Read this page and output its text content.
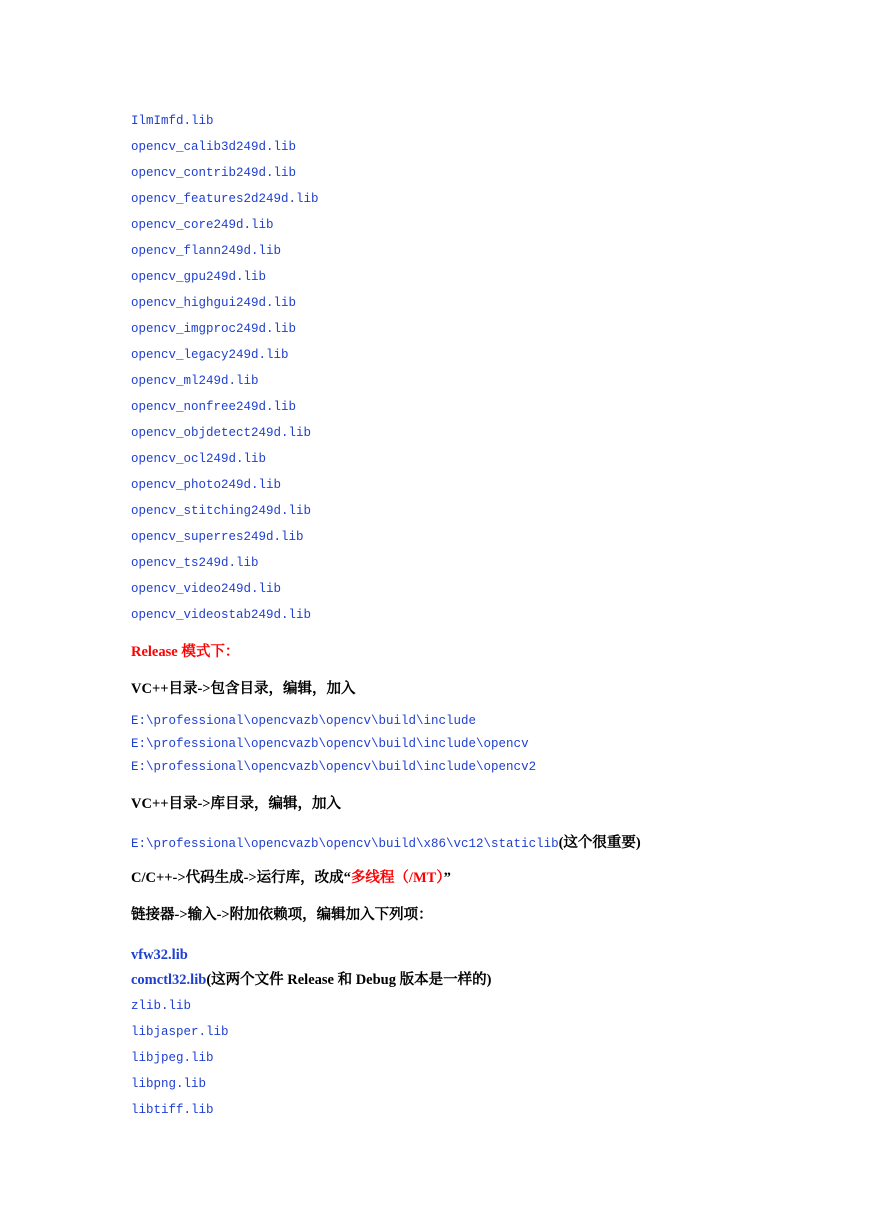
IlmImfd.lib
opencv_calib3d249d.lib
opencv_contrib249d.lib
opencv_features2d249d.lib
opencv_core249d.lib
opencv_flann249d.lib
opencv_gpu249d.lib
opencv_highgui249d.lib
opencv_imgproc249d.lib
opencv_legacy249d.lib
opencv_ml249d.lib
opencv_nonfree249d.lib
opencv_objdetect249d.lib
opencv_ocl249d.lib
opencv_photo249d.lib
opencv_stitching249d.lib
opencv_superres249d.lib
opencv_ts249d.lib
opencv_video249d.lib
opencv_videostab249d.lib
Release 模式下：
VC++目录->包含目录，编辑，加入
E:\professional\opencvazb\opencv\build\include
E:\professional\opencvazb\opencv\build\include\opencv
E:\professional\opencvazb\opencv\build\include\opencv2
VC++目录->库目录，编辑，加入
E:\professional\opencvazb\opencv\build\x86\vc12\staticlib(这个很重要)
C/C++->代码生成->运行库，改成“多线程（/MT）”
链接器->输入->附加依赖项，编辑加入下列项：
vfw32.lib
comctl32.lib(这两个文件 Release 和 Debug 版本是一样的)
zlib.lib
libjasper.lib
libjpeg.lib
libpng.lib
libtiff.lib
